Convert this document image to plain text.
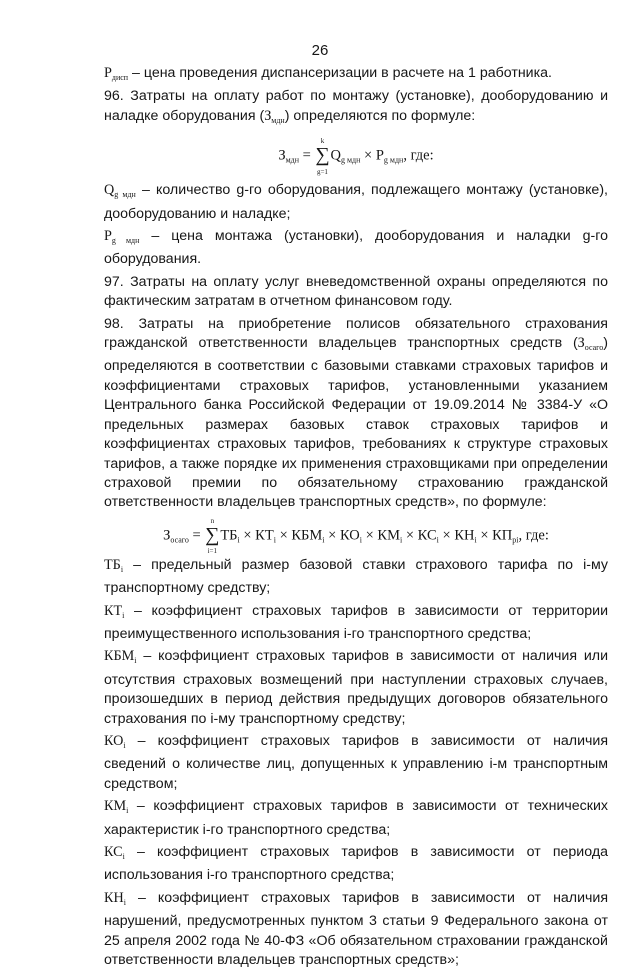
26

$Р_{дисп}$ – цена проведения диспансеризации в расчете на 1 работника.

96. Затраты на оплату работ по монтажу (установке), дооборудованию и наладке оборудования $(З_{мдн})$ определяются по формуле:

$З_{мдн}$ =
k
∑
g=1
$Q_{g мдн} \times Р_{g мдн}$, где:

$Q_{g мдн}$ – количество g-го оборудования, подлежащего монтажу (установке), дооборудованию и наладке;

$Р_{g мдн}$ – цена монтажа (установки), дооборудования и наладки g-го оборудования.

97. Затраты на оплату услуг вневедомственной охраны определяются по фактическим затратам в отчетном финансовом году.

98. Затраты на приобретение полисов обязательного страхования гражданской ответственности владельцев транспортных средств $(З_{осаго})$ определяются в соответствии с базовыми ставками страховых тарифов и коэффициентами страховых тарифов, установленными указанием Центрального банка Российской Федерации от 19.09.2014 № 3384-У «О предельных размерах базовых ставок страховых тарифов и коэффициентах страховых тарифов, требованиях к структуре страховых тарифов, а также порядке их применения страховщиками при определении страховой премии по обязательному страхованию гражданской ответственности владельцев транспортных средств», по формуле:

$З_{осаго}$ =
n
∑
i=1
$ТБ_i \times КТ_i \times КБМ_i \times КО_i \times КМ_i \times КС_i \times КН_i \times КП_{pi}$, где:

$ТБ_i$ – предельный размер базовой ставки страхового тарифа по i-му транспортному средству;

$КТ_i$ – коэффициент страховых тарифов в зависимости от территории преимущественного использования i-го транспортного средства;

$КБМ_i$ – коэффициент страховых тарифов в зависимости от наличия или отсутствия страховых возмещений при наступлении страховых случаев, произошедших в период действия предыдущих договоров обязательного страхования по i-му транспортному средству;

$КО_i$ – коэффициент страховых тарифов в зависимости от наличия сведений о количестве лиц, допущенных к управлению i-м транспортным средством;

$КМ_i$ – коэффициент страховых тарифов в зависимости от технических характеристик i-го транспортного средства;

$КС_i$ – коэффициент страховых тарифов в зависимости от периода использования i-го транспортного средства;

$КН_i$ – коэффициент страховых тарифов в зависимости от наличия нарушений, предусмотренных пунктом 3 статьи 9 Федерального закона от 25 апреля 2002 года № 40-ФЗ «Об обязательном страховании гражданской ответственности владельцев транспортных средств»;
